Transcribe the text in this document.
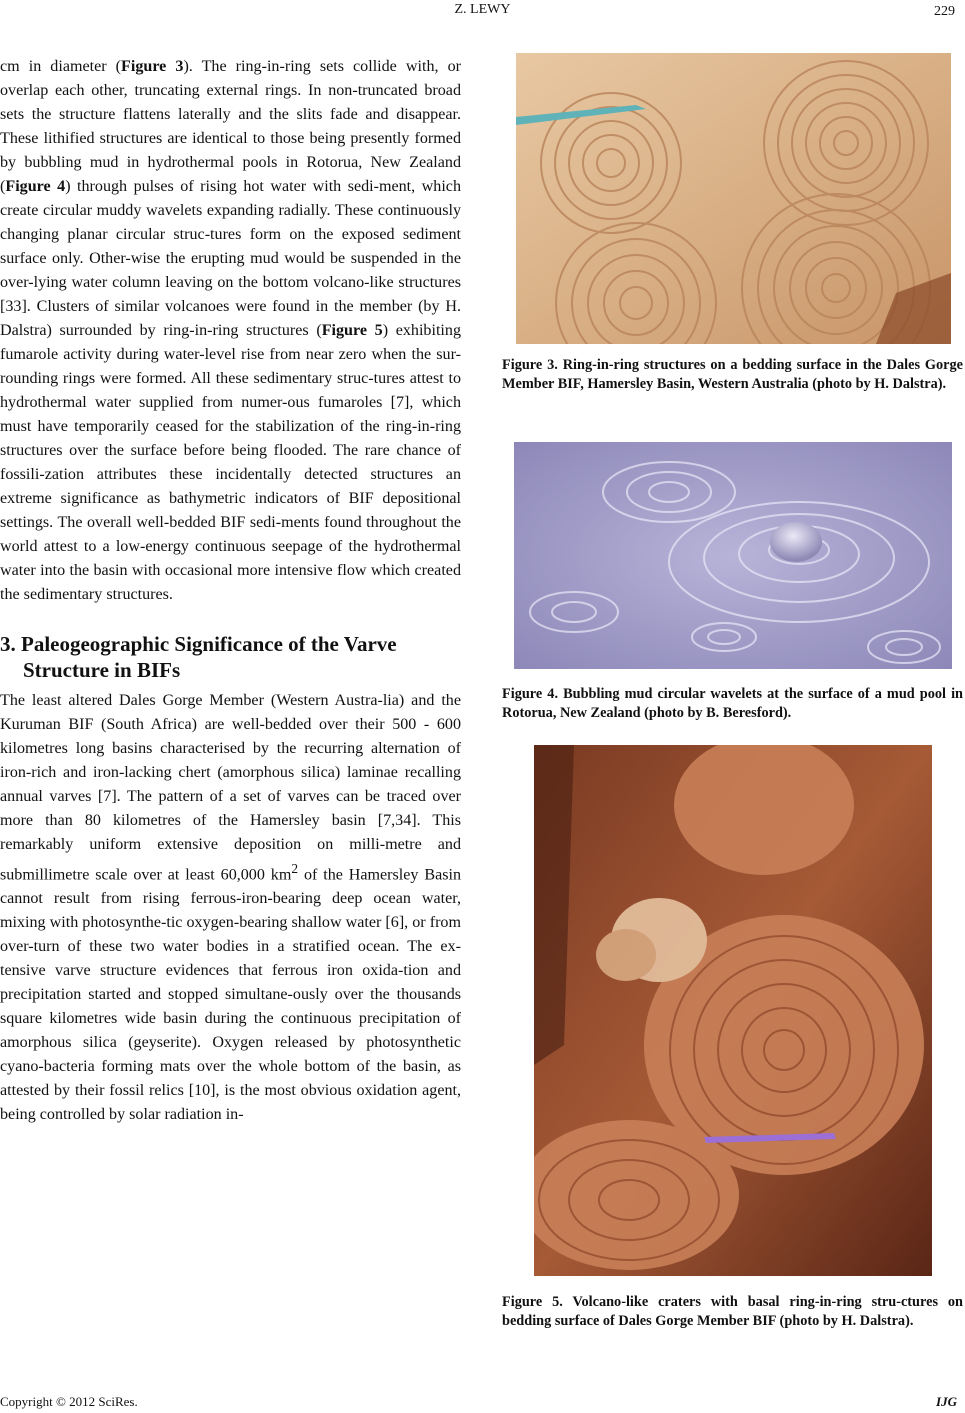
Z. LEWY	229

cm in diameter (Figure 3). The ring-in-ring sets collide with, or overlap each other, truncating external rings. In non-truncated broad sets the structure flattens laterally and the slits fade and disappear. These lithified structures are identical to those being presently formed by bubbling mud in hydrothermal pools in Rotorua, New Zealand (Figure 4) through pulses of rising hot water with sedi-ment, which create circular muddy wavelets expanding radially. These continuously changing planar circular struc-tures form on the exposed sediment surface only. Other-wise the erupting mud would be suspended in the over-lying water column leaving on the bottom volcano-like structures [33]. Clusters of similar volcanoes were found in the member (by H. Dalstra) surrounded by ring-in-ring structures (Figure 5) exhibiting fumarole activity during water-level rise from near zero when the sur-rounding rings were formed. All these sedimentary struc-tures attest to hydrothermal water supplied from numer-ous fumaroles [7], which must have temporarily ceased for the stabilization of the ring-in-ring structures over the surface before being flooded. The rare chance of fossili-zation attributes these incidentally detected structures an extreme significance as bathymetric indicators of BIF depositional settings. The overall well-bedded BIF sedi-ments found throughout the world attest to a low-energy continuous seepage of the hydrothermal water into the basin with occasional more intensive flow which created the sedimentary structures.

3. Paleogeographic Significance of the Varve Structure in BIFs

The least altered Dales Gorge Member (Western Austra-lia) and the Kuruman BIF (South Africa) are well-bedded over their 500 - 600 kilometres long basins characterised by the recurring alternation of iron-rich and iron-lacking chert (amorphous silica) laminae recalling annual varves [7]. The pattern of a set of varves can be traced over more than 80 kilometres of the Hamersley basin [7,34]. This remarkably uniform extensive deposition on milli-metre and submillimetre scale over at least 60,000 $km^2$ of the Hamersley Basin cannot result from rising ferrous-iron-bearing deep ocean water, mixing with photosynthe-tic oxygen-bearing shallow water [6], or from over-turn of these two water bodies in a stratified ocean. The ex-tensive varve structure evidences that ferrous iron oxida-tion and precipitation started and stopped simultane-ously over the thousands square kilometres wide basin during the continuous precipitation of amorphous silica (geyserite). Oxygen released by photosynthetic cyano-bacteria forming mats over the whole bottom of the basin, as attested by their fossil relics [10], is the most obvious oxidation agent, being controlled by solar radiation in-

Figure 3. Ring-in-ring structures on a bedding surface in the Dales Gorge Member BIF, Hamersley Basin, Western Australia (photo by H. Dalstra).
Figure 4. Bubbling mud circular wavelets at the surface of a mud pool in Rotorua, New Zealand (photo by B. Beresford).
Figure 5. Volcano-like craters with basal ring-in-ring stru-ctures on bedding surface of Dales Gorge Member BIF (photo by H. Dalstra).
Copyright © 2012 SciRes.	IJG
